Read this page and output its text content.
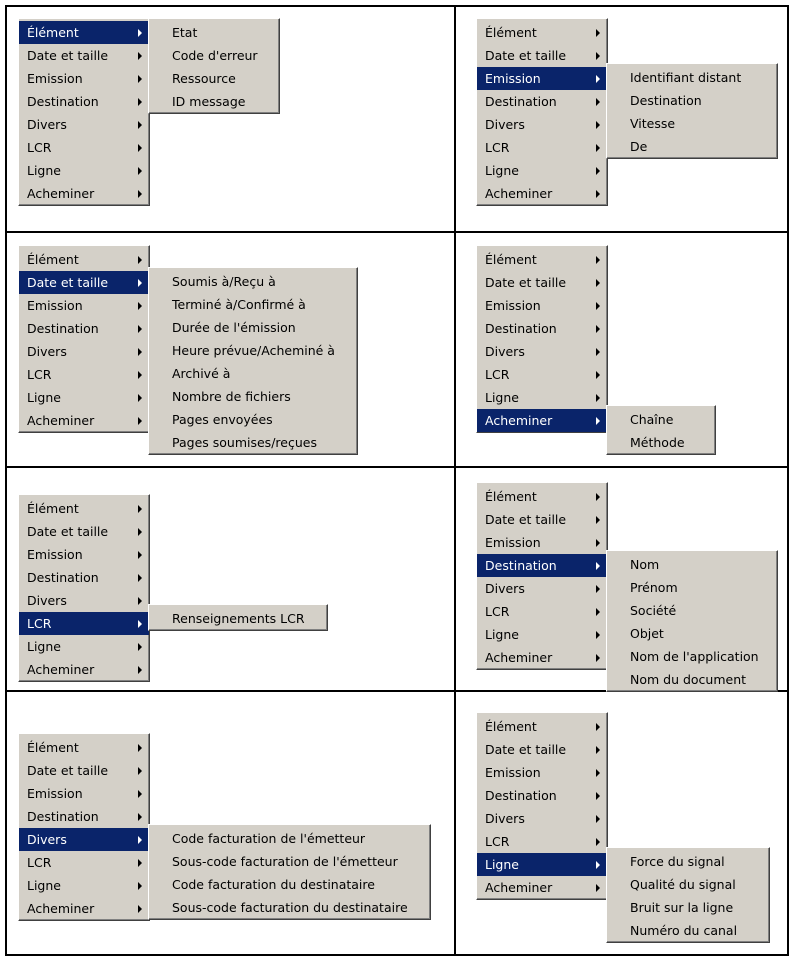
Élément
Date et taille
Emission
Destination
Divers
LCR
Ligne
Acheminer
Etat
Code d'erreur
Ressource
ID message
Élément
Date et taille
Emission
Destination
Divers
LCR
Ligne
Acheminer
Identifiant distant
Destination
Vitesse
De
Élément
Date et taille
Emission
Destination
Divers
LCR
Ligne
Acheminer
Soumis à/Reçu à
Terminé à/Confirmé à
Durée de l'émission
Heure prévue/Acheminé à
Archivé à
Nombre de fichiers
Pages envoyées
Pages soumises/reçues
Élément
Date et taille
Emission
Destination
Divers
LCR
Ligne
Acheminer	Chaîne
Méthode
Élément
Date et taille
Emission
Destination
Divers
LCR
Ligne
Acheminer
Renseignements LCR
Élément
Date et taille
Emission
Destination
Divers
LCR
Ligne
Acheminer
Nom
Prénom
Société
Objet
Nom de l'application
Nom du document
Élément
Date et taille
Emission
Destination
Divers
LCR
Ligne
Acheminer
Code facturation de l'émetteur
Sous-code facturation de l'émetteur
Code facturation du destinataire
Sous-code facturation du destinataire
Élément
Date et taille
Emission
Destination
Divers
LCR
Ligne
Acheminer
Force du signal
Qualité du signal
Bruit sur la ligne
Numéro du canal
